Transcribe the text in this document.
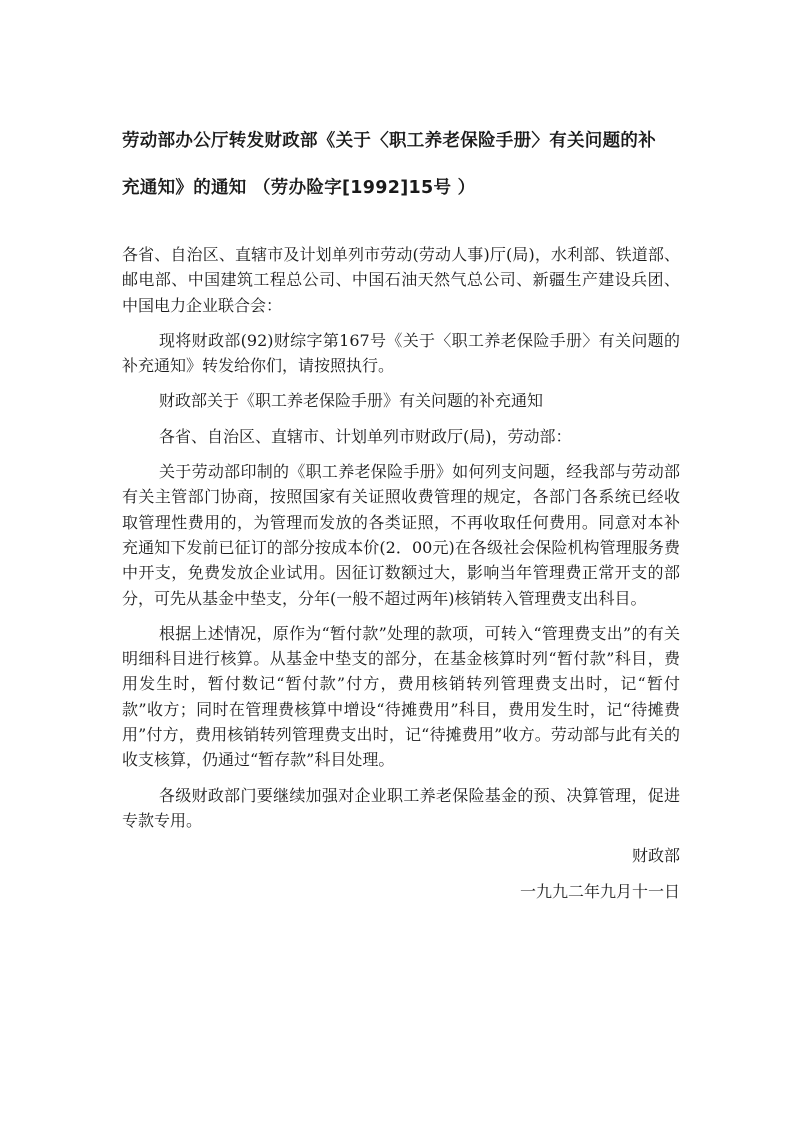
劳动部办公厅转发财政部《关于〈职工养老保险手册〉有关问题的补
充通知》的通知 （劳办险字[1992]15号 ）

各省、自治区、直辖市及计划单列市劳动(劳动人事)厅(局)，水利部、铁道部、邮电部、中国建筑工程总公司、中国石油天然气总公司、新疆生产建设兵团、中国电力企业联合会：

现将财政部(92)财综字第167号《关于〈职工养老保险手册〉有关问题的补充通知》转发给你们，请按照执行。

财政部关于《职工养老保险手册》有关问题的补充通知

各省、自治区、直辖市、计划单列市财政厅(局)，劳动部：

关于劳动部印制的《职工养老保险手册》如何列支问题，经我部与劳动部有关主管部门协商，按照国家有关证照收费管理的规定，各部门各系统已经收取管理性费用的，为管理而发放的各类证照，不再收取任何费用。同意对本补充通知下发前已征订的部分按成本价(2．00元)在各级社会保险机构管理服务费中开支，免费发放企业试用。因征订数额过大，影响当年管理费正常开支的部分，可先从基金中垫支，分年(一般不超过两年)核销转入管理费支出科目。

根据上述情况，原作为“暂付款”处理的款项，可转入“管理费支出”的有关明细科目进行核算。从基金中垫支的部分，在基金核算时列“暂付款”科目，费用发生时，暂付数记“暂付款”付方，费用核销转列管理费支出时，记“暂付款”收方；同时在管理费核算中增设“待摊费用”科目，费用发生时，记“待摊费用”付方，费用核销转列管理费支出时，记“待摊费用”收方。劳动部与此有关的收支核算，仍通过“暂存款”科目处理。

各级财政部门要继续加强对企业职工养老保险基金的预、决算管理，促进专款专用。

财政部

一九九二年九月十一日
